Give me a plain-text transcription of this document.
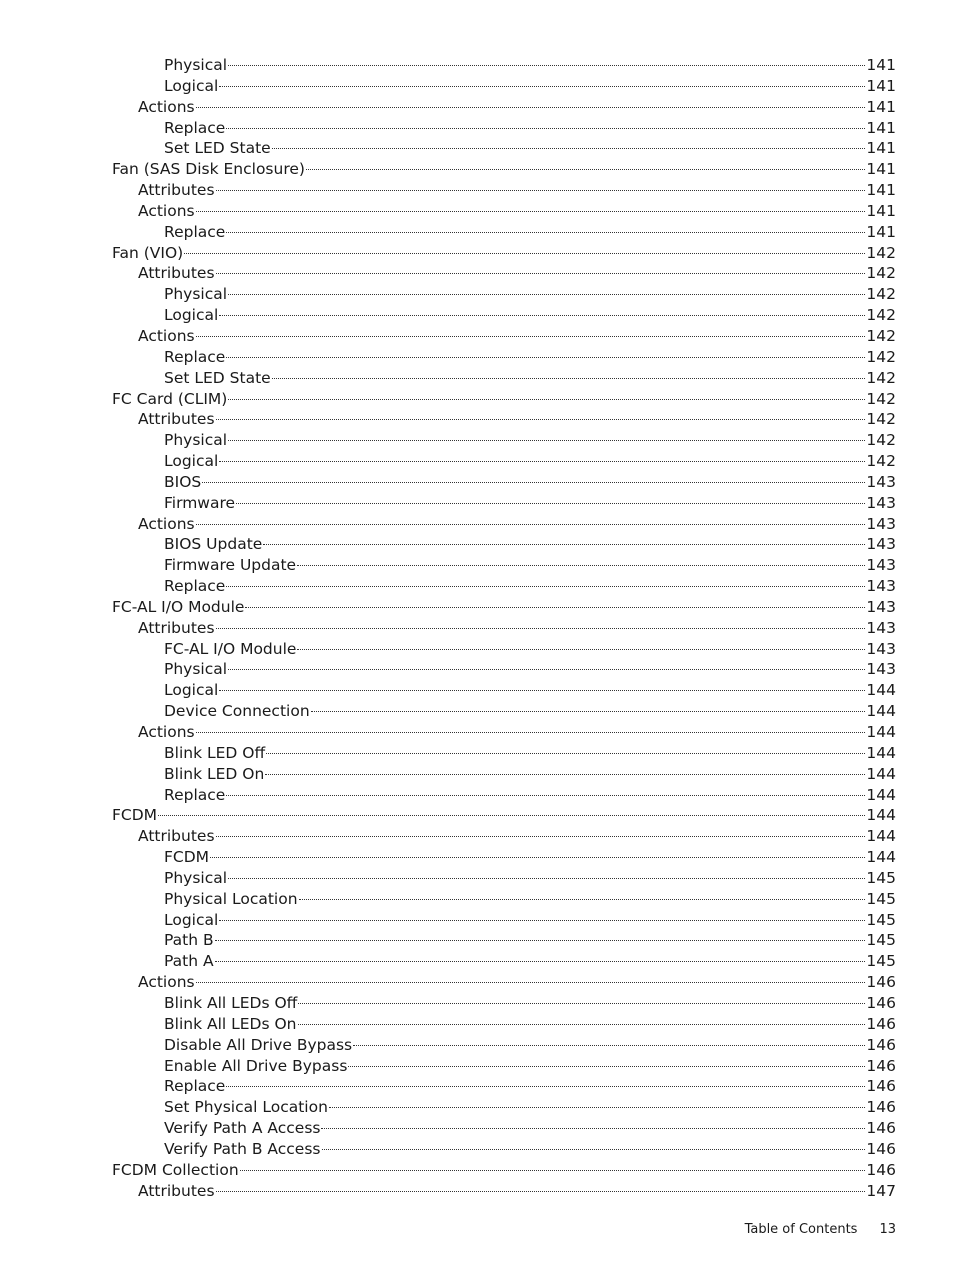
Physical	141
Logical	141
Actions	141
Replace	141
Set LED State	141
Fan (SAS Disk Enclosure)	141
Attributes	141
Actions	141
Replace	141
Fan (VIO)	142
Attributes	142
Physical	142
Logical	142
Actions	142
Replace	142
Set LED State	142
FC Card (CLIM)	142
Attributes	142
Physical	142
Logical	142
BIOS	143
Firmware	143
Actions	143
BIOS Update	143
Firmware Update	143
Replace	143
FC-AL I/O Module	143
Attributes	143
FC-AL I/O Module	143
Physical	143
Logical	144
Device Connection	144
Actions	144
Blink LED Off	144
Blink LED On	144
Replace	144
FCDM	144
Attributes	144
FCDM	144
Physical	145
Physical Location	145
Logical	145
Path B	145
Path A	145
Actions	146
Blink All LEDs Off	146
Blink All LEDs On	146
Disable All Drive Bypass	146
Enable All Drive Bypass	146
Replace	146
Set Physical Location	146
Verify Path A Access	146
Verify Path B Access	146
FCDM Collection	146
Attributes	147
Table of Contents 13
